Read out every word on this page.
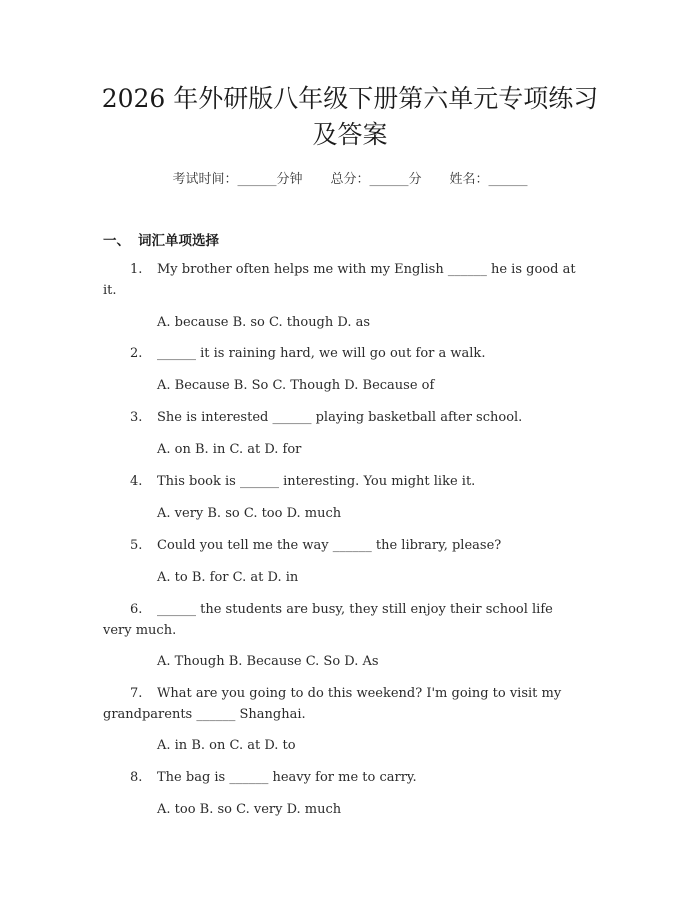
2026 年外研版八年级下册第六单元专项练习
及答案
考试时间：______分钟 总分：______分 姓名：______
一、 词汇单项选择
1. My brother often helps me with my English ______ he is good at
it.
A. because B. so C. though D. as
2. ______ it is raining hard, we will go out for a walk.
A. Because B. So C. Though D. Because of
3. She is interested ______ playing basketball after school.
A. on B. in C. at D. for
4. This book is ______ interesting. You might like it.
A. very B. so C. too D. much
5. Could you tell me the way ______ the library, please?
A. to B. for C. at D. in
6. ______ the students are busy, they still enjoy their school life
very much.
A. Though B. Because C. So D. As
7. What are you going to do this weekend? I'm going to visit my
grandparents ______ Shanghai.
A. in B. on C. at D. to
8. The bag is ______ heavy for me to carry.
A. too B. so C. very D. much
